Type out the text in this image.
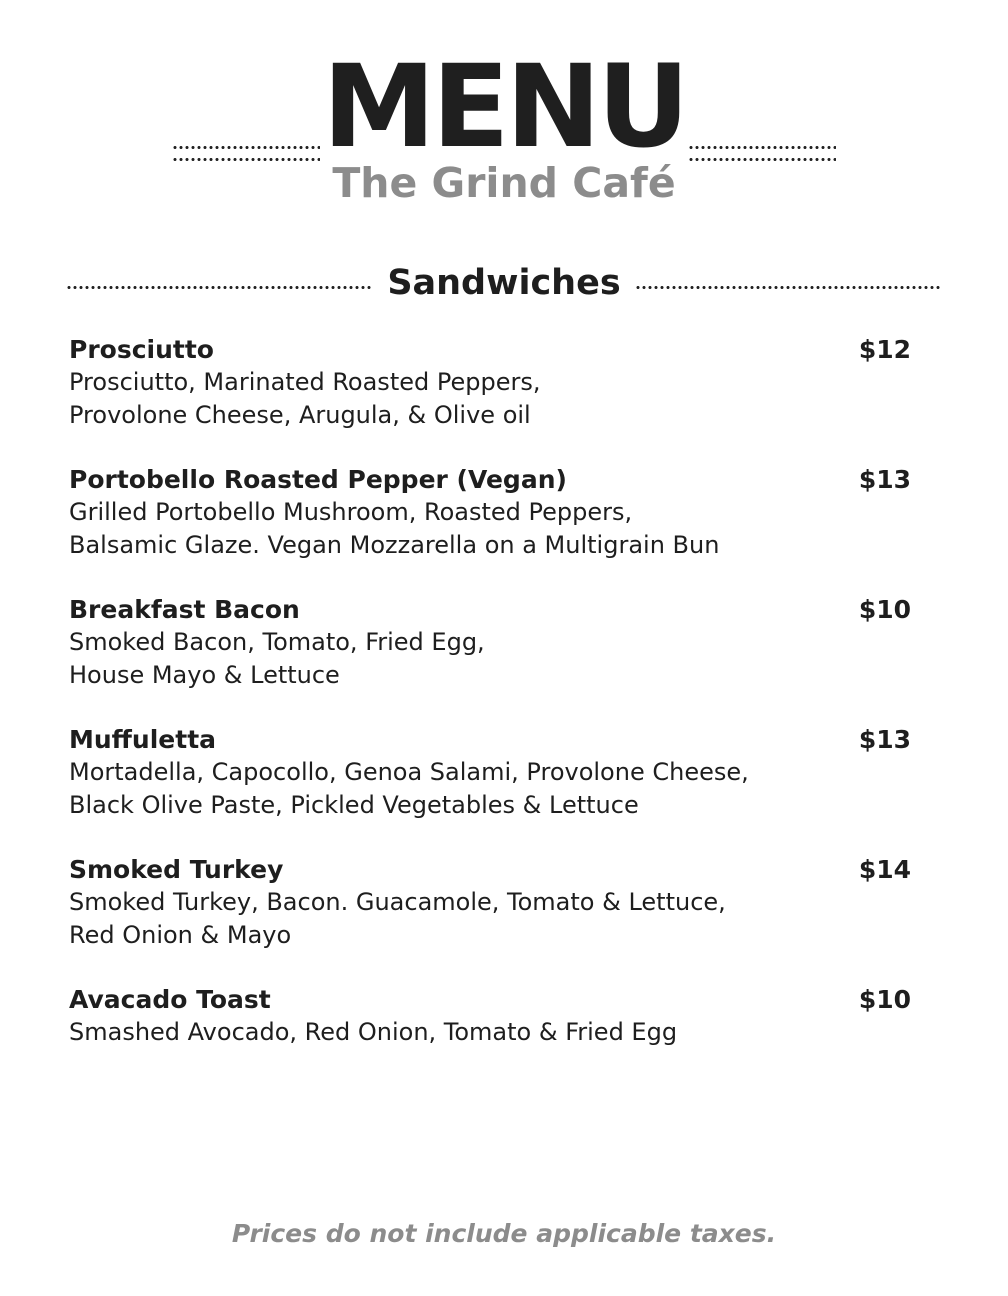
MENU
The Grind Café
Sandwiches
Prosciutto	$12
Prosciutto, Marinated Roasted Peppers,
Provolone Cheese, Arugula, & Olive oil
Portobello Roasted Pepper (Vegan)	$13
Grilled Portobello Mushroom, Roasted Peppers,
Balsamic Glaze. Vegan Mozzarella on a Multigrain Bun
Breakfast Bacon	$10
Smoked Bacon, Tomato, Fried Egg,
House Mayo & Lettuce
Muffuletta	$13
Mortadella, Capocollo, Genoa Salami, Provolone Cheese,
Black Olive Paste, Pickled Vegetables & Lettuce
Smoked Turkey	$14
Smoked Turkey, Bacon. Guacamole, Tomato & Lettuce,
Red Onion & Mayo
Avacado Toast	$10
Smashed Avocado, Red Onion, Tomato & Fried Egg
Prices do not include applicable taxes.
